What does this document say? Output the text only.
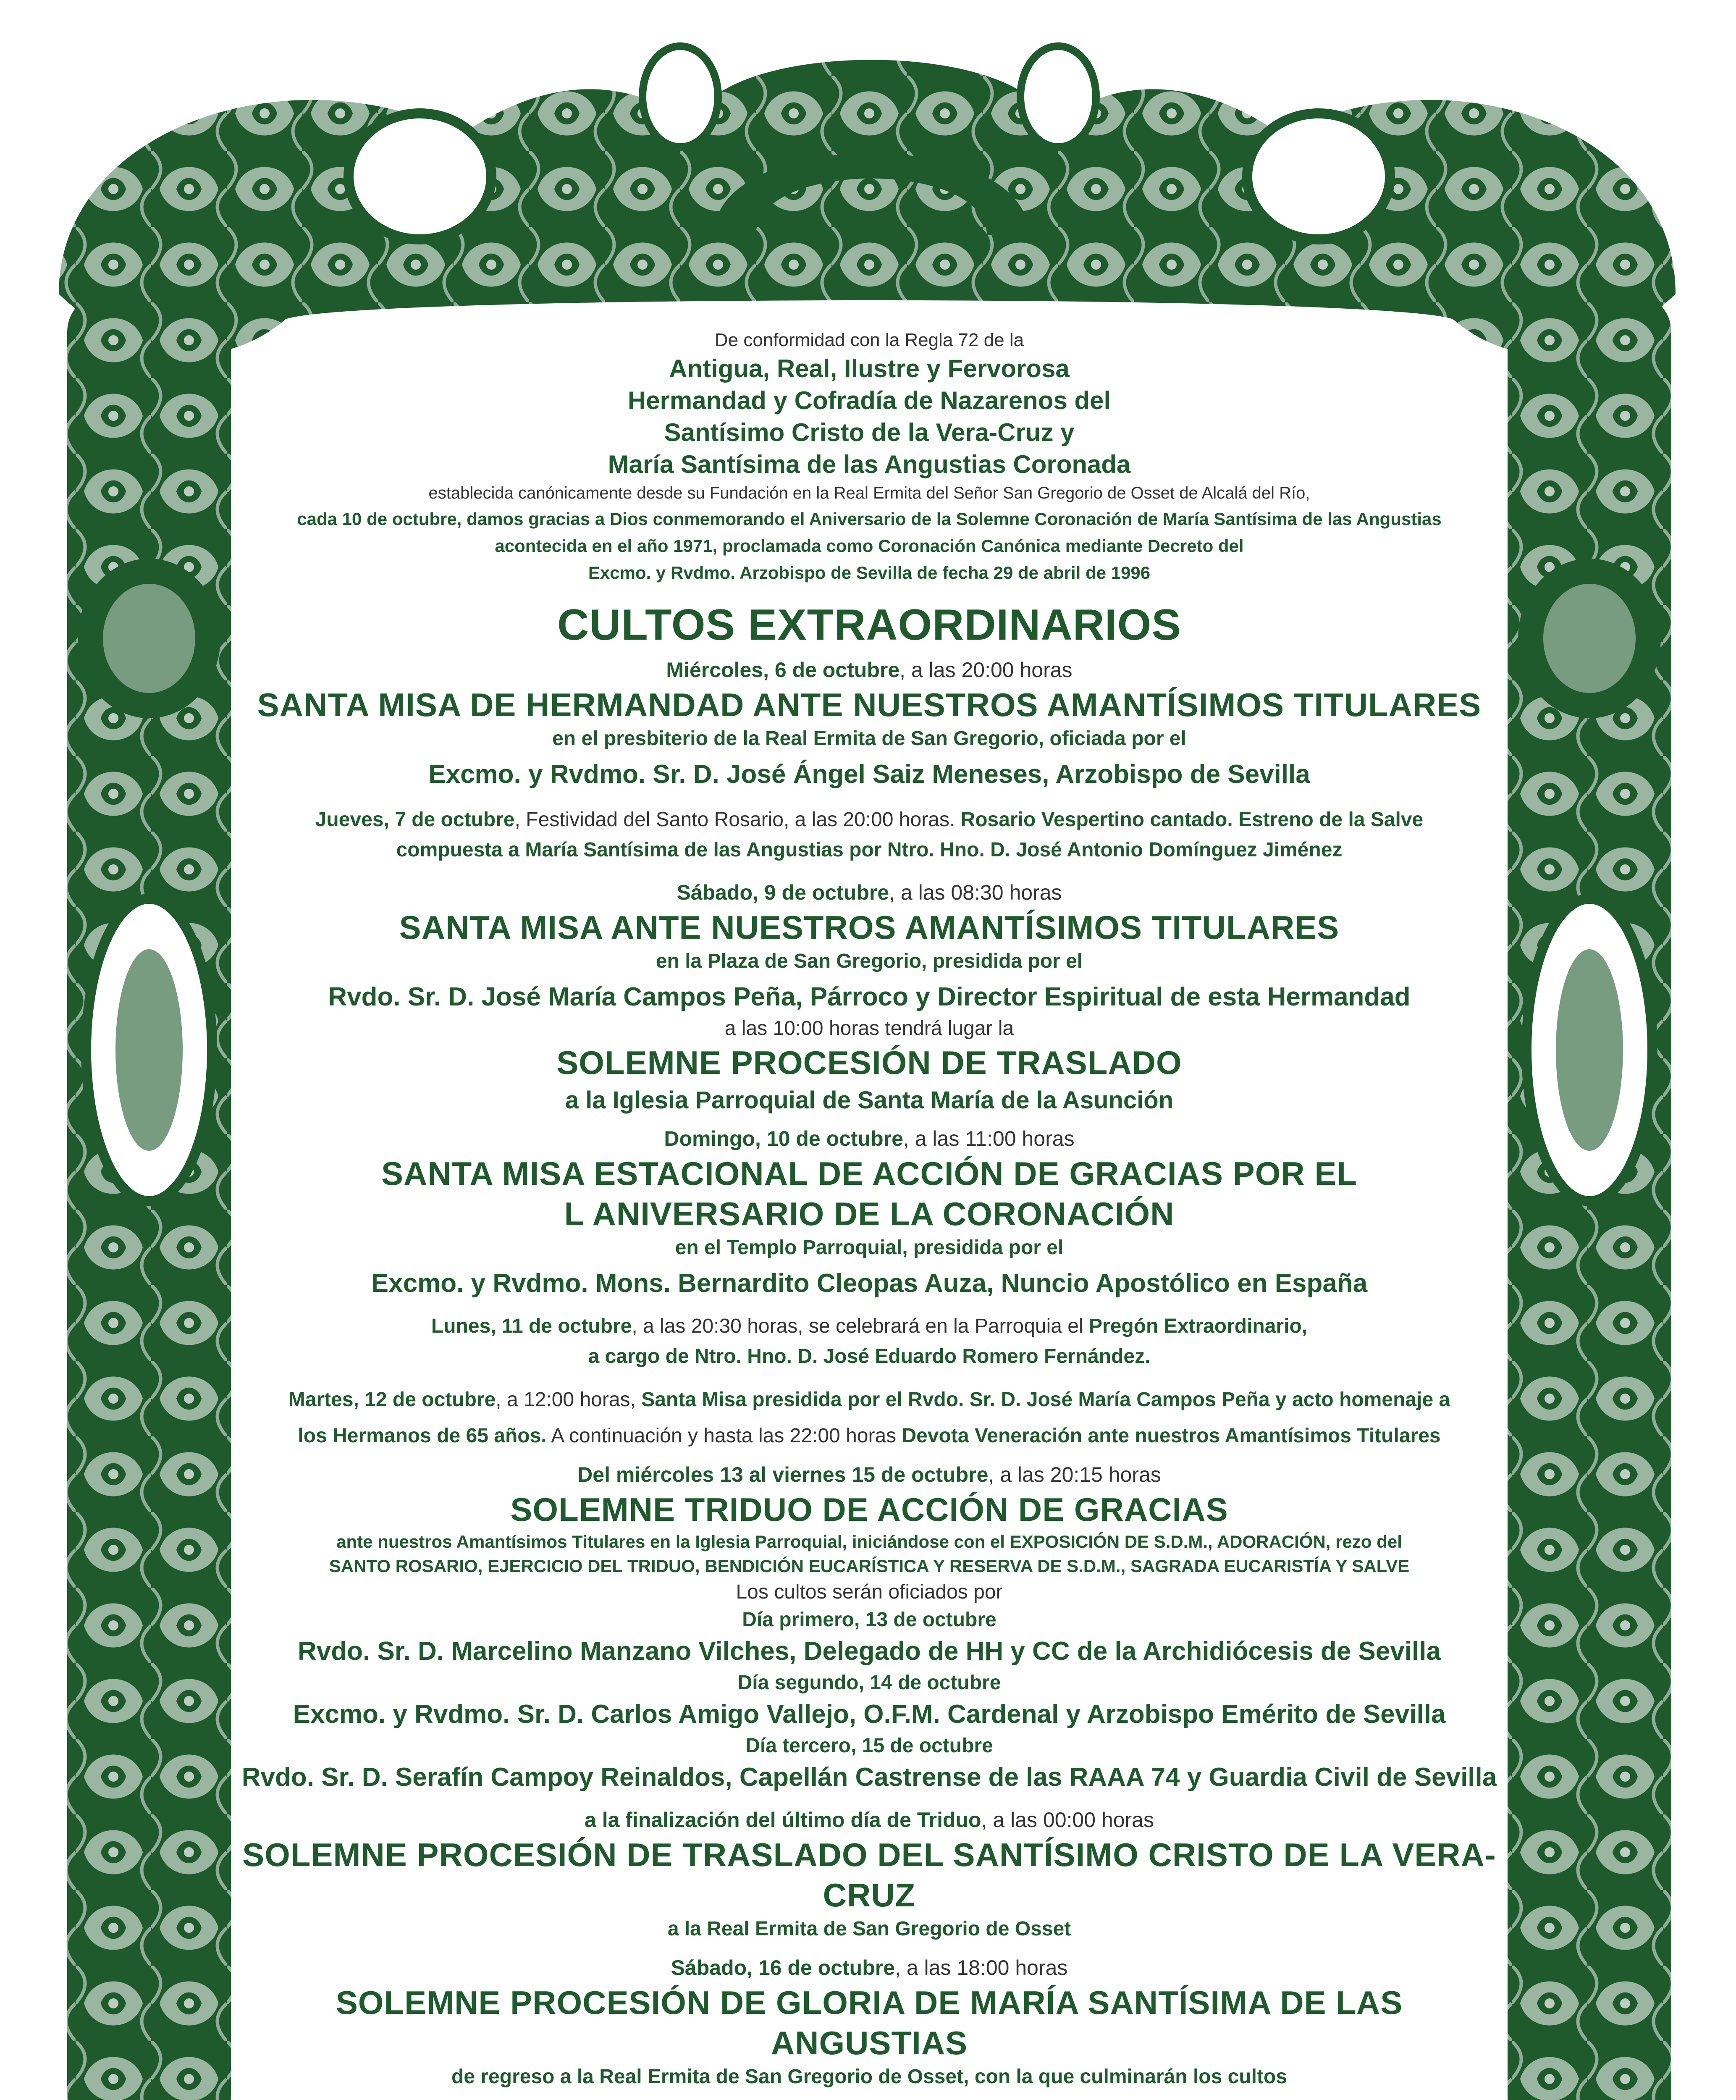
De conformidad con la Regla 72 de la
Antigua, Real, Ilustre y Fervorosa
Hermandad y Cofradía de Nazarenos del
Santísimo Cristo de la Vera-Cruz y
María Santísima de las Angustias Coronada
establecida canónicamente desde su Fundación en la Real Ermita del Señor San Gregorio de Osset de Alcalá del Río,
cada 10 de octubre, damos gracias a Dios conmemorando el Aniversario de la Solemne Coronación de María Santísima de las Angustias
acontecida en el año 1971, proclamada como Coronación Canónica mediante Decreto del
Excmo. y Rvdmo. Arzobispo de Sevilla de fecha 29 de abril de 1996
CULTOS EXTRAORDINARIOS
Miércoles, 6 de octubre, a las 20:00 horas
SANTA MISA DE HERMANDAD ANTE NUESTROS AMANTÍSIMOS TITULARES
en el presbiterio de la Real Ermita de San Gregorio, oficiada por el
Excmo. y Rvdmo. Sr. D. José Ángel Saiz Meneses, Arzobispo de Sevilla
Jueves, 7 de octubre, Festividad del Santo Rosario, a las 20:00 horas. Rosario Vespertino cantado. Estreno de la Salve
compuesta a María Santísima de las Angustias por Ntro. Hno. D. José Antonio Domínguez Jiménez
Sábado, 9 de octubre, a las 08:30 horas
SANTA MISA ANTE NUESTROS AMANTÍSIMOS TITULARES
en la Plaza de San Gregorio, presidida por el
Rvdo. Sr. D. José María Campos Peña, Párroco y Director Espiritual de esta Hermandad
a las 10:00 horas tendrá lugar la
SOLEMNE PROCESIÓN DE TRASLADO
a la Iglesia Parroquial de Santa María de la Asunción
Domingo, 10 de octubre, a las 11:00 horas
SANTA MISA ESTACIONAL DE ACCIÓN DE GRACIAS POR EL
L ANIVERSARIO DE LA CORONACIÓN
en el Templo Parroquial, presidida por el
Excmo. y Rvdmo. Mons. Bernardito Cleopas Auza, Nuncio Apostólico en España
Lunes, 11 de octubre, a las 20:30 horas, se celebrará en la Parroquia el Pregón Extraordinario,
a cargo de Ntro. Hno. D. José Eduardo Romero Fernández.
Martes, 12 de octubre, a 12:00 horas, Santa Misa presidida por el Rvdo. Sr. D. José María Campos Peña y acto homenaje a
los Hermanos de 65 años. A continuación y hasta las 22:00 horas Devota Veneración ante nuestros Amantísimos Titulares
Del miércoles 13 al viernes 15 de octubre, a las 20:15 horas
SOLEMNE TRIDUO DE ACCIÓN DE GRACIAS
ante nuestros Amantísimos Titulares en la Iglesia Parroquial, iniciándose con el EXPOSICIÓN DE S.D.M., ADORACIÓN, rezo del
SANTO ROSARIO, EJERCICIO DEL TRIDUO, BENDICIÓN EUCARÍSTICA Y RESERVA DE S.D.M., SAGRADA EUCARISTÍA Y SALVE
Los cultos serán oficiados por
Día primero, 13 de octubre
Rvdo. Sr. D. Marcelino Manzano Vilches, Delegado de HH y CC de la Archidiócesis de Sevilla
Día segundo, 14 de octubre
Excmo. y Rvdmo. Sr. D. Carlos Amigo Vallejo, O.F.M. Cardenal y Arzobispo Emérito de Sevilla
Día tercero, 15 de octubre
Rvdo. Sr. D. Serafín Campoy Reinaldos, Capellán Castrense de las RAAA 74 y Guardia Civil de Sevilla
a la finalización del último día de Triduo, a las 00:00 horas
SOLEMNE PROCESIÓN DE TRASLADO DEL SANTÍSIMO CRISTO DE LA VERA-CRUZ
a la Real Ermita de San Gregorio de Osset
Sábado, 16 de octubre, a las 18:00 horas
SOLEMNE PROCESIÓN DE GLORIA DE MARÍA SANTÍSIMA DE LAS ANGUSTIAS
de regreso a la Real Ermita de San Gregorio de Osset, con la que culminarán los cultos
